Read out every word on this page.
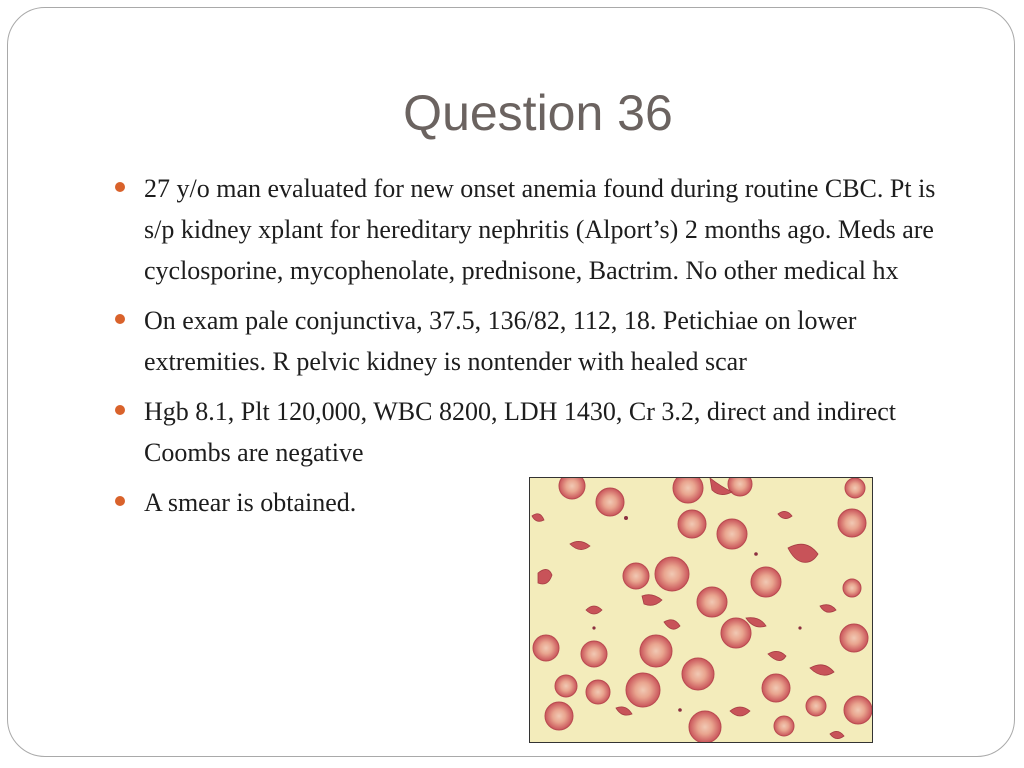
Question 36
27 y/o man evaluated for new onset anemia found during routine CBC. Pt is s/p kidney xplant for hereditary nephritis (Alport’s) 2 months ago. Meds are cyclosporine, mycophenolate, prednisone, Bactrim. No other medical hx
On exam pale conjunctiva, 37.5, 136/82, 112, 18. Petichiae on lower extremities. R pelvic kidney is nontender with healed scar
Hgb 8.1, Plt 120,000, WBC 8200, LDH 1430, Cr 3.2, direct and indirect Coombs are negative
A smear is obtained.
